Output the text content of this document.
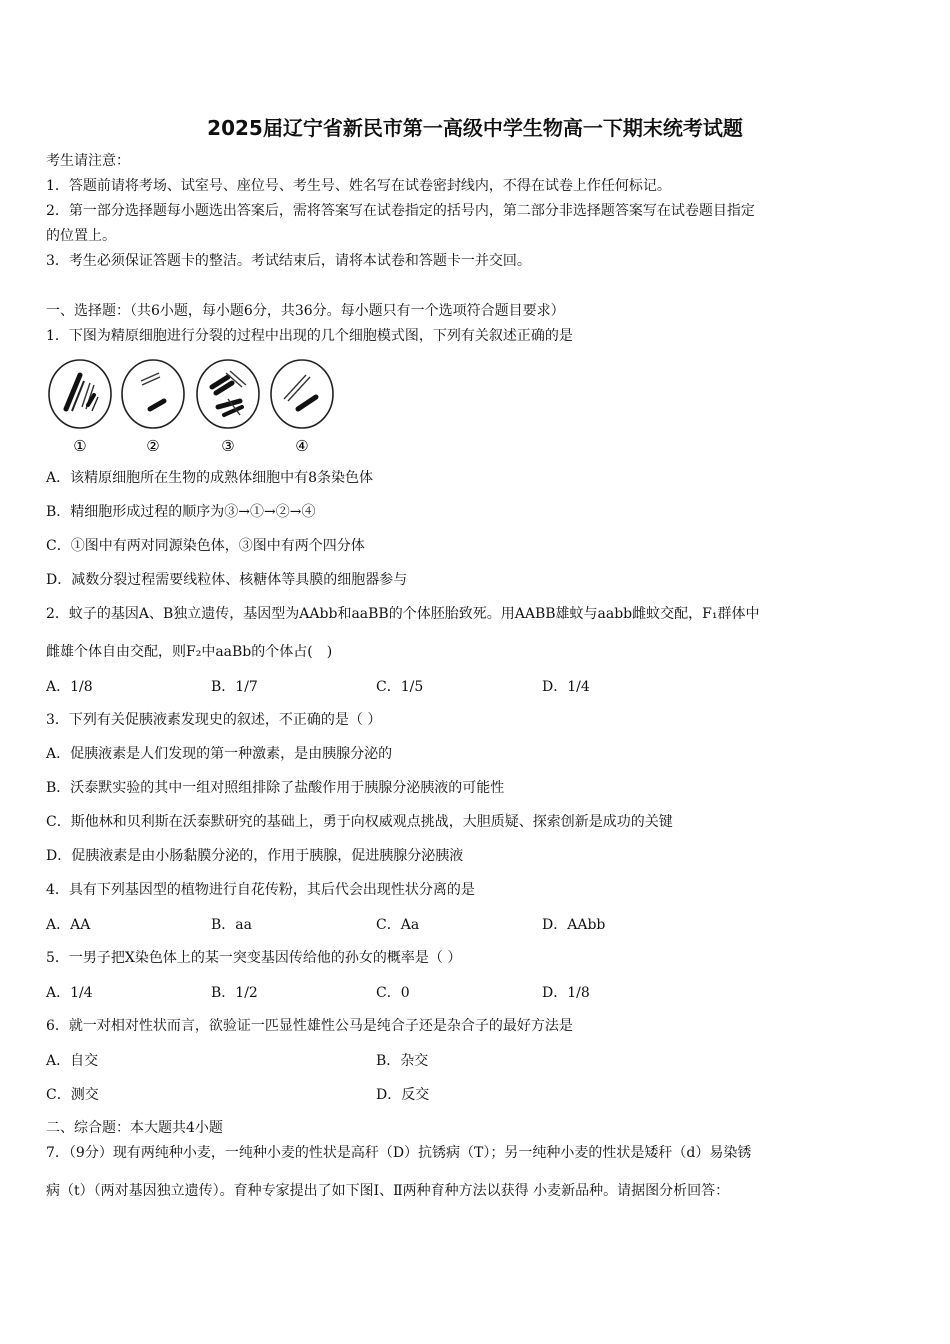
2025届辽宁省新民市第一高级中学生物高一下期末统考试题
考生请注意：
1．答题前请将考场、试室号、座位号、考生号、姓名写在试卷密封线内，不得在试卷上作任何标记。
2．第一部分选择题每小题选出答案后，需将答案写在试卷指定的括号内，第二部分非选择题答案写在试卷题目指定
的位置上。
3．考生必须保证答题卡的整洁。考试结束后，请将本试卷和答题卡一并交回。
一、选择题：（共6小题，每小题6分，共36分。每小题只有一个选项符合题目要求）
1．下图为精原细胞进行分裂的过程中出现的几个细胞模式图，下列有关叙述正确的是
①	②	③	④
A．该精原细胞所在生物的成熟体细胞中有8条染色体
B．精细胞形成过程的顺序为③→①→②→④
C．①图中有两对同源染色体，③图中有两个四分体
D．减数分裂过程需要线粒体、核糖体等具膜的细胞器参与
2．蚊子的基因A、B独立遗传，基因型为AAbb和aaBB的个体胚胎致死。用AABB雄蚊与aabb雌蚊交配，F₁群体中
雌雄个体自由交配，则F₂中aaBb的个体占(　)
A．1/8	B．1/7	C．1/5	D．1/4
3．下列有关促胰液素发现史的叙述，不正确的是（ ）
A．促胰液素是人们发现的第一种激素，是由胰腺分泌的
B．沃泰默实验的其中一组对照组排除了盐酸作用于胰腺分泌胰液的可能性
C．斯他林和贝利斯在沃泰默研究的基础上，勇于向权威观点挑战，大胆质疑、探索创新是成功的关键
D．促胰液素是由小肠黏膜分泌的，作用于胰腺，促进胰腺分泌胰液
4．具有下列基因型的植物进行自花传粉，其后代会出现性状分离的是
A．AA	B．aa	C．Aa	D．AAbb
5．一男子把X染色体上的某一突变基因传给他的孙女的概率是（ ）
A．1/4	B．1/2	C．0	D．1/8
6．就一对相对性状而言，欲验证一匹显性雄性公马是纯合子还是杂合子的最好方法是
A．自交	B．杂交
C．测交	D．反交
二、综合题：本大题共4小题
7．（9分）现有两纯种小麦，一纯种小麦的性状是高秆（D）抗锈病（T）；另一纯种小麦的性状是矮秆（d）易染锈
病（t）（两对基因独立遗传）。育种专家提出了如下图Ⅰ、Ⅱ两种育种方法以获得 小麦新品种。请据图分析回答：
